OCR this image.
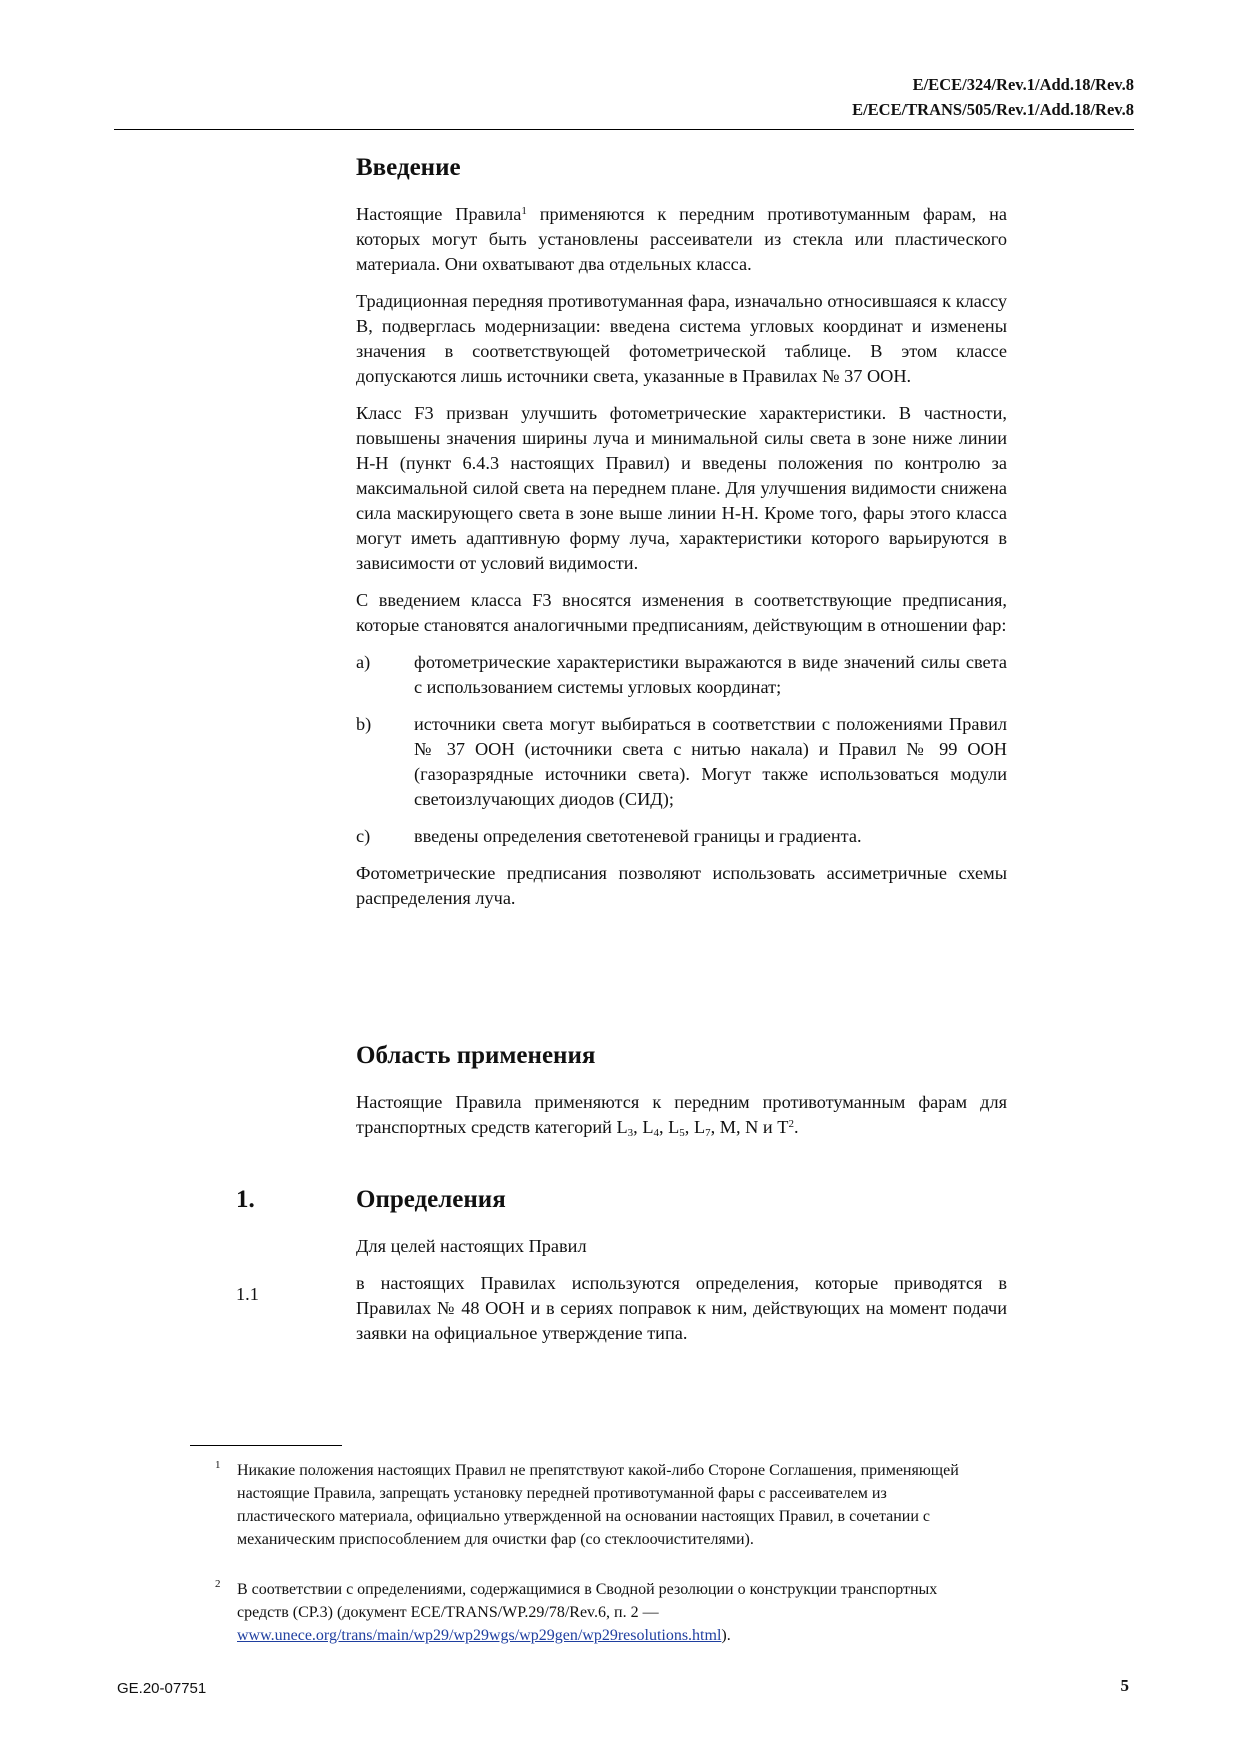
E/ECE/324/Rev.1/Add.18/Rev.8
E/ECE/TRANS/505/Rev.1/Add.18/Rev.8
Введение

Настоящие Правила$^1$ применяются к передним противотуманным фарам, на которых могут быть установлены рассеиватели из стекла или пластического материала. Они охватывают два отдельных класса.

Традиционная передняя противотуманная фара, изначально относившаяся к классу B, подверглась модернизации: введена система угловых координат и изменены значения в соответствующей фотометрической таблице. В этом классе допускаются лишь источники света, указанные в Правилах № 37 ООН.

Класс F3 призван улучшить фотометрические характеристики. В частности, повышены значения ширины луча и минимальной силы света в зоне ниже линии H-H (пункт 6.4.3 настоящих Правил) и введены положения по контролю за максимальной силой света на переднем плане. Для улучшения видимости снижена сила маскирующего света в зоне выше линии H-H. Кроме того, фары этого класса могут иметь адаптивную форму луча, характеристики которого варьируются в зависимости от условий видимости.

С введением класса F3 вносятся изменения в соответствующие предписания, которые становятся аналогичными предписаниям, действующим в отношении фар:

a)	фотометрические характеристики выражаются в виде значений силы света с использованием системы угловых координат;

b)	источники света могут выбираться в соответствии с положениями Правил № 37 ООН (источники света с нитью накала) и Правил № 99 ООН (газоразрядные источники света). Могут также использоваться модули светоизлучающих диодов (СИД);

c)	введены определения светотеневой границы и градиента.

Фотометрические предписания позволяют использовать ассиметричные схемы распределения луча.

Область применения

Настоящие Правила применяются к передним противотуманным фарам для транспортных средств категорий $L_3$, $L_4$, $L_5$, $L_7$, M, N и $T^2$.

1.	Определения

Для целей настоящих Правил

в настоящих Правилах используются определения, которые приводятся в Правилах № 48 ООН и в сериях поправок к ним, действующих на момент подачи заявки на официальное утверждение типа.

1.1

1 Никакие положения настоящих Правил не препятствуют какой-либо Стороне Соглашения, применяющей настоящие Правила, запрещать установку передней противотуманной фары с рассеивателем из пластического материала, официально утвержденной на основании настоящих Правил, в сочетании с механическим приспособлением для очистки фар (со стеклоочистителями).
2 В соответствии с определениями, содержащимися в Сводной резолюции о конструкции транспортных средств (СР.3) (документ ECE/TRANS/WP.29/78/Rev.6, п. 2 — www.unece.org/trans/main/wp29/wp29wgs/wp29gen/wp29resolutions.html).
GE.20-07751	5
